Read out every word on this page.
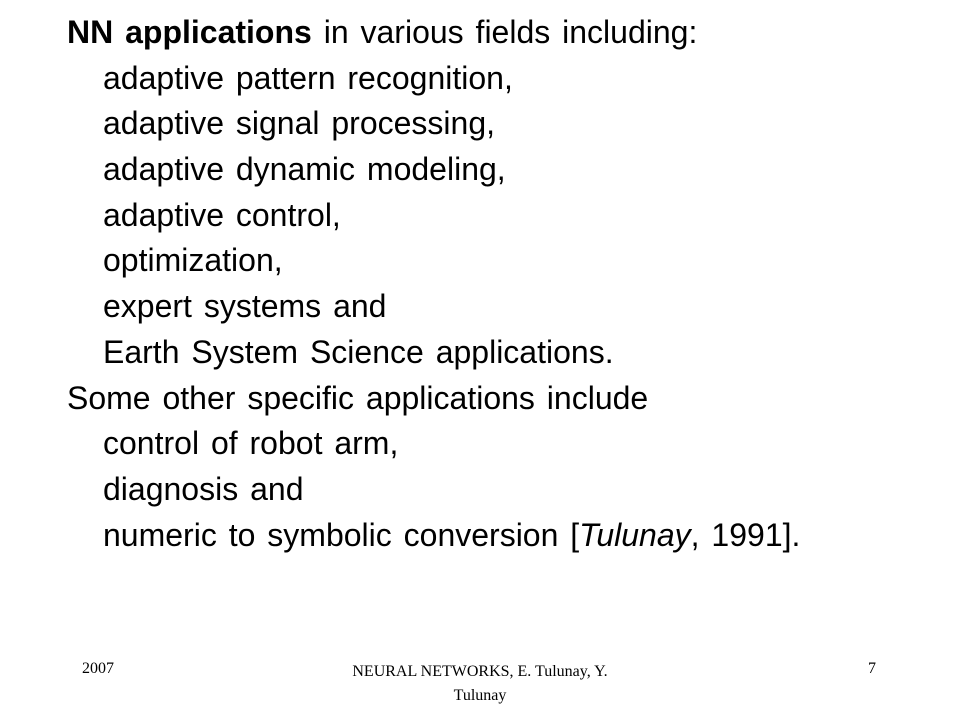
NN applications in various fields including:
adaptive pattern recognition,
adaptive signal processing,
adaptive dynamic modeling,
adaptive control,
optimization,
expert systems and
Earth System Science applications.
Some other specific applications include
control of robot arm,
diagnosis and
numeric to symbolic conversion [Tulunay, 1991].
2007	NEURAL NETWORKS, E. Tulunay, Y. Tulunay
7
